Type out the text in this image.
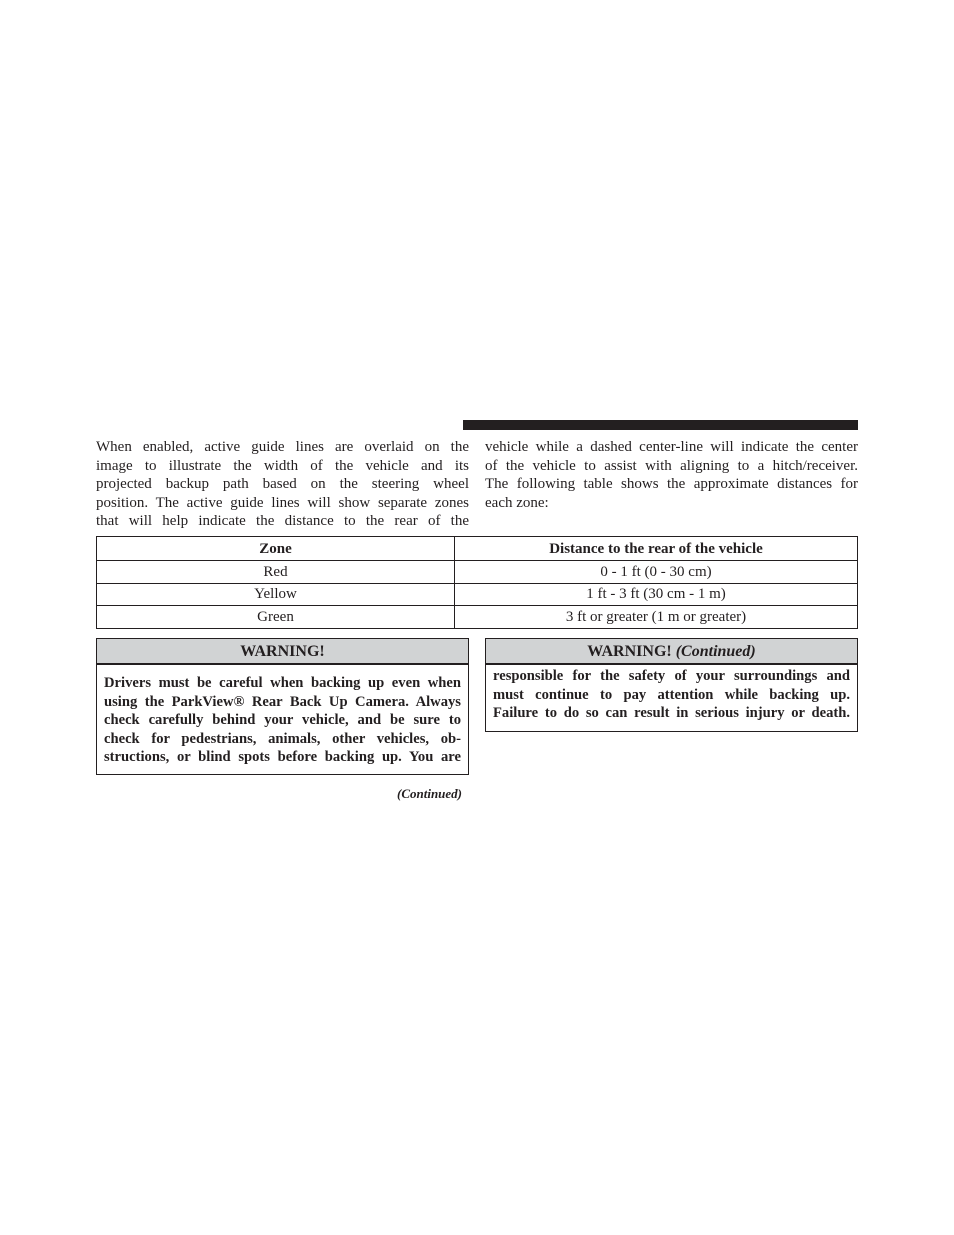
When enabled, active guide lines are overlaid on the
image to illustrate the width of the vehicle and its
projected backup path based on the steering wheel
position. The active guide lines will show separate zones
that will help indicate the distance to the rear of the
vehicle while a dashed center-line will indicate the center
of the vehicle to assist with aligning to a hitch/receiver.
The following table shows the approximate distances for
each zone:
Zone	Distance to the rear of the vehicle
Red	0 - 1 ft (0 - 30 cm)
Yellow	1 ft - 3 ft (30 cm - 1 m)
Green	3 ft or greater (1 m or greater)
WARNING!
Drivers must be careful when backing up even when
using the ParkView® Rear Back Up Camera. Always
check carefully behind your vehicle, and be sure to
check for pedestrians, animals, other vehicles, ob-
structions, or blind spots before backing up. You are
(Continued)
WARNING! (Continued)
responsible for the safety of your surroundings and
must continue to pay attention while backing up.
Failure to do so can result in serious injury or death.
